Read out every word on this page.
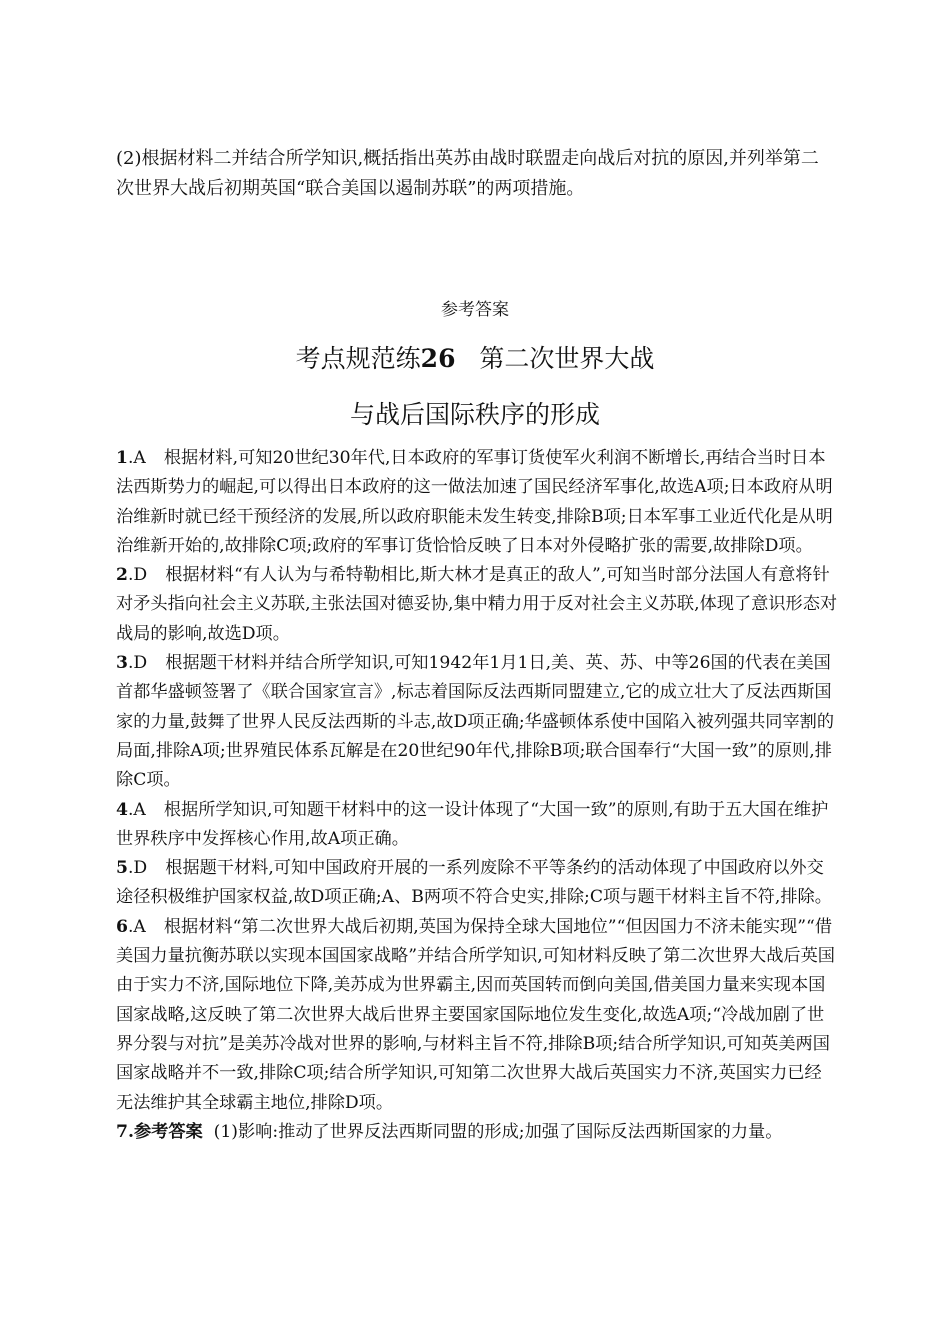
(2)根据材料二并结合所学知识,概括指出英苏由战时联盟走向战后对抗的原因,并列举第二次世界大战后初期英国“联合美国以遏制苏联”的两项措施。

参考答案
考点规范练26 第二次世界大战
与战后国际秩序的形成

1.A 根据材料,可知20世纪30年代,日本政府的军事订货使军火利润不断增长,再结合当时日本法西斯势力的崛起,可以得出日本政府的这一做法加速了国民经济军事化,故选A项;日本政府从明治维新时就已经干预经济的发展,所以政府职能未发生转变,排除B项;日本军事工业近代化是从明治维新开始的,故排除C项;政府的军事订货恰恰反映了日本对外侵略扩张的需要,故排除D项。

2.D 根据材料“有人认为与希特勒相比,斯大林才是真正的敌人”,可知当时部分法国人有意将针对矛头指向社会主义苏联,主张法国对德妥协,集中精力用于反对社会主义苏联,体现了意识形态对战局的影响,故选D项。

3.D 根据题干材料并结合所学知识,可知1942年1月1日,美、英、苏、中等26国的代表在美国首都华盛顿签署了《联合国家宣言》,标志着国际反法西斯同盟建立,它的成立壮大了反法西斯国家的力量,鼓舞了世界人民反法西斯的斗志,故D项正确;华盛顿体系使中国陷入被列强共同宰割的局面,排除A项;世界殖民体系瓦解是在20世纪90年代,排除B项;联合国奉行“大国一致”的原则,排除C项。

4.A 根据所学知识,可知题干材料中的这一设计体现了“大国一致”的原则,有助于五大国在维护世界秩序中发挥核心作用,故A项正确。

5.D 根据题干材料,可知中国政府开展的一系列废除不平等条约的活动体现了中国政府以外交途径积极维护国家权益,故D项正确;A、B两项不符合史实,排除;C项与题干材料主旨不符,排除。

6.A 根据材料“第二次世界大战后初期,英国为保持全球大国地位”“但因国力不济未能实现”“借美国力量抗衡苏联以实现本国国家战略”并结合所学知识,可知材料反映了第二次世界大战后英国由于实力不济,国际地位下降,美苏成为世界霸主,因而英国转而倒向美国,借美国力量来实现本国国家战略,这反映了第二次世界大战后世界主要国家国际地位发生变化,故选A项;“冷战加剧了世界分裂与对抗”是美苏冷战对世界的影响,与材料主旨不符,排除B项;结合所学知识,可知英美两国国家战略并不一致,排除C项;结合所学知识,可知第二次世界大战后英国实力不济,英国实力已经无法维护其全球霸主地位,排除D项。

7.参考答案 (1)影响:推动了世界反法西斯同盟的形成;加强了国际反法西斯国家的力量。
